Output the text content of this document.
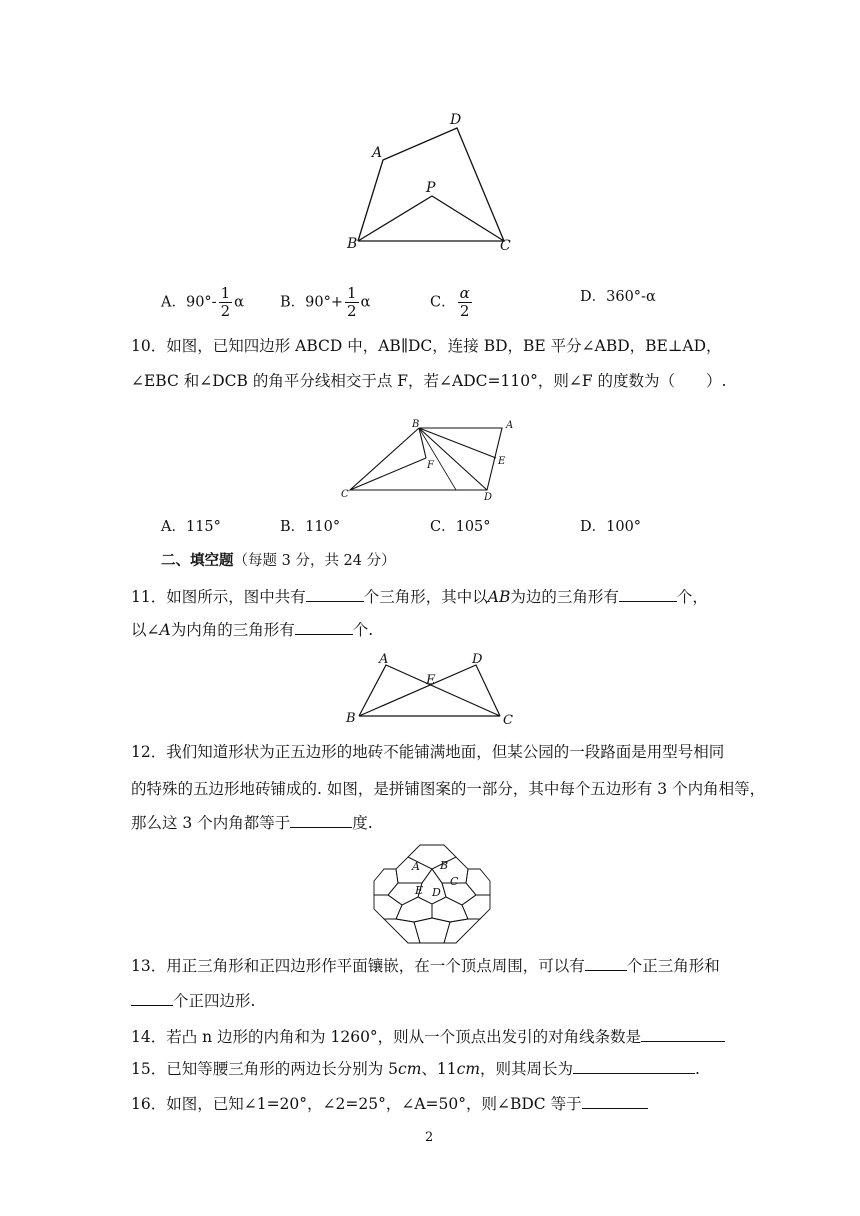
A
B	C
D
P
A．$90^\circ- \frac{1}{2}$ α B．$90^\circ+ \frac{1}{2}$ α	C． $\frac{\alpha}{2}$	D．360°-α
10．如图，已知四边形 ABCD 中，AB∥DC，连接 BD，BE 平分∠ABD，BE⊥AD，
∠EBC 和∠DCB 的角平分线相交于点 F，若∠ADC=110°，则∠F 的度数为（　　）.
B	A
E
F
C	D
A．115°	B．110°	C．105°	D．100°
二、填空题（每题 3 分，共 24 分）
11．如图所示，图中共有	个三角形，其中以AB为边的三角形有	个，
以∠A为内角的三角形有	个.
A	D
E
B	C
12．我们知道形状为正五边形的地砖不能铺满地面，但某公园的一段路面是用型号相同
的特殊的五边形地砖铺成的. 如图，是拼铺图案的一部分，其中每个五边形有 3 个内角相等，
那么这 3 个内角都等于	度.
A B
C
D
E
13．用正三角形和正四边形作平面镶嵌，在一个顶点周围，可以有	个正三角形和
个正四边形.
14．若凸 n 边形的内角和为 1260°，则从一个顶点出发引的对角线条数是
15．已知等腰三角形的两边长分别为 5cm、11cm，则其周长为	.
16．如图，已知∠1=20°，∠2=25°，∠A=50°，则∠BDC 等于
2
